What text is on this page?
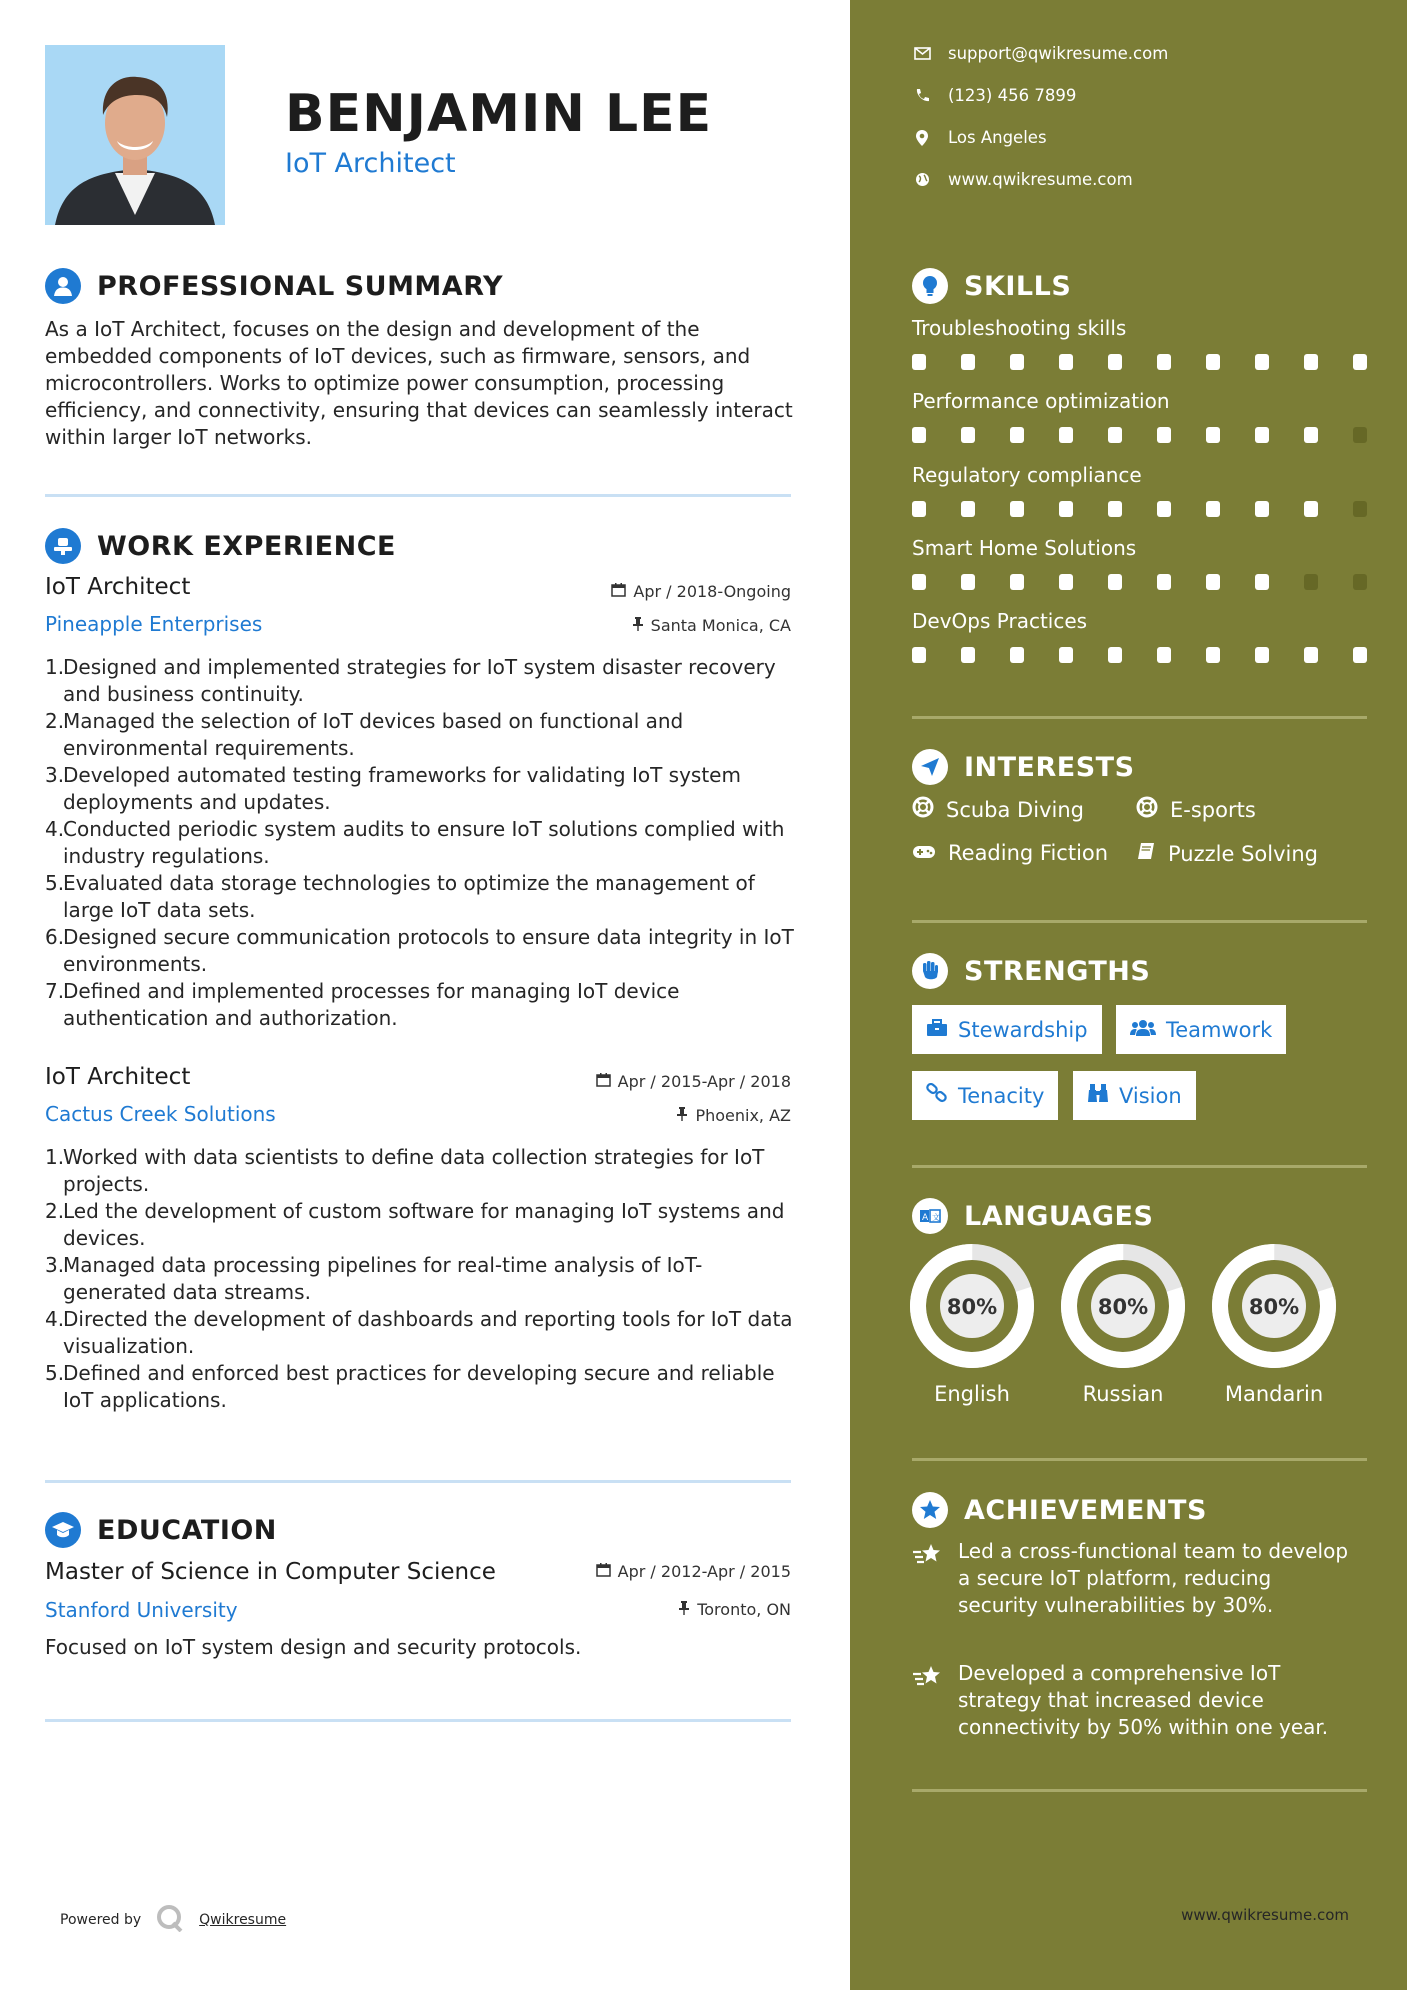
BENJAMIN LEE
IoT Architect
PROFESSIONAL SUMMARY
As a IoT Architect, focuses on the design and development of the embedded components of IoT devices, such as firmware, sensors, and microcontrollers. Works to optimize power consumption, processing efficiency, and connectivity, ensuring that devices can seamlessly interact within larger IoT networks.
WORK EXPERIENCE
IoT Architect	Apr / 2018-Ongoing
Pineapple Enterprises	Santa Monica, CA
1.
Designed and implemented strategies for IoT system disaster recovery and business continuity.
2.
Managed the selection of IoT devices based on functional and environmental requirements.
3.
Developed automated testing frameworks for validating IoT system deployments and updates.
4.
Conducted periodic system audits to ensure IoT solutions complied with industry regulations.
5.
Evaluated data storage technologies to optimize the management of large IoT data sets.
6.
Designed secure communication protocols to ensure data integrity in IoT environments.
7.
Defined and implemented processes for managing IoT device authentication and authorization.
IoT Architect	Apr / 2015-Apr / 2018
Cactus Creek Solutions	Phoenix, AZ
1.
Worked with data scientists to define data collection strategies for IoT projects.
2.
Led the development of custom software for managing IoT systems and devices.
3.
Managed data processing pipelines for real-time analysis of IoT-generated data streams.
4.
Directed the development of dashboards and reporting tools for IoT data visualization.
5.
Defined and enforced best practices for developing secure and reliable IoT applications.
EDUCATION
Master of Science in Computer Science	Apr / 2012-Apr / 2015
Stanford University	Toronto, ON
Focused on IoT system design and security protocols.
Powered by	Qwikresume
support@qwikresume.com
(123) 456 7899
Los Angeles
www.qwikresume.com
SKILLS
Troubleshooting skills
Performance optimization
Regulatory compliance
Smart Home Solutions
DevOps Practices
INTERESTS
Scuba Diving	E-sports
Reading Fiction	Puzzle Solving
STRENGTHS
Stewardship	Teamwork
Tenacity	Vision
A 文 LANGUAGES
80%
English
80%
Russian
80%
Mandarin
ACHIEVEMENTS
Led a cross-functional team to develop a secure IoT platform, reducing security vulnerabilities by 30%.
Developed a comprehensive IoT strategy that increased device connectivity by 50% within one year.
www.qwikresume.com
